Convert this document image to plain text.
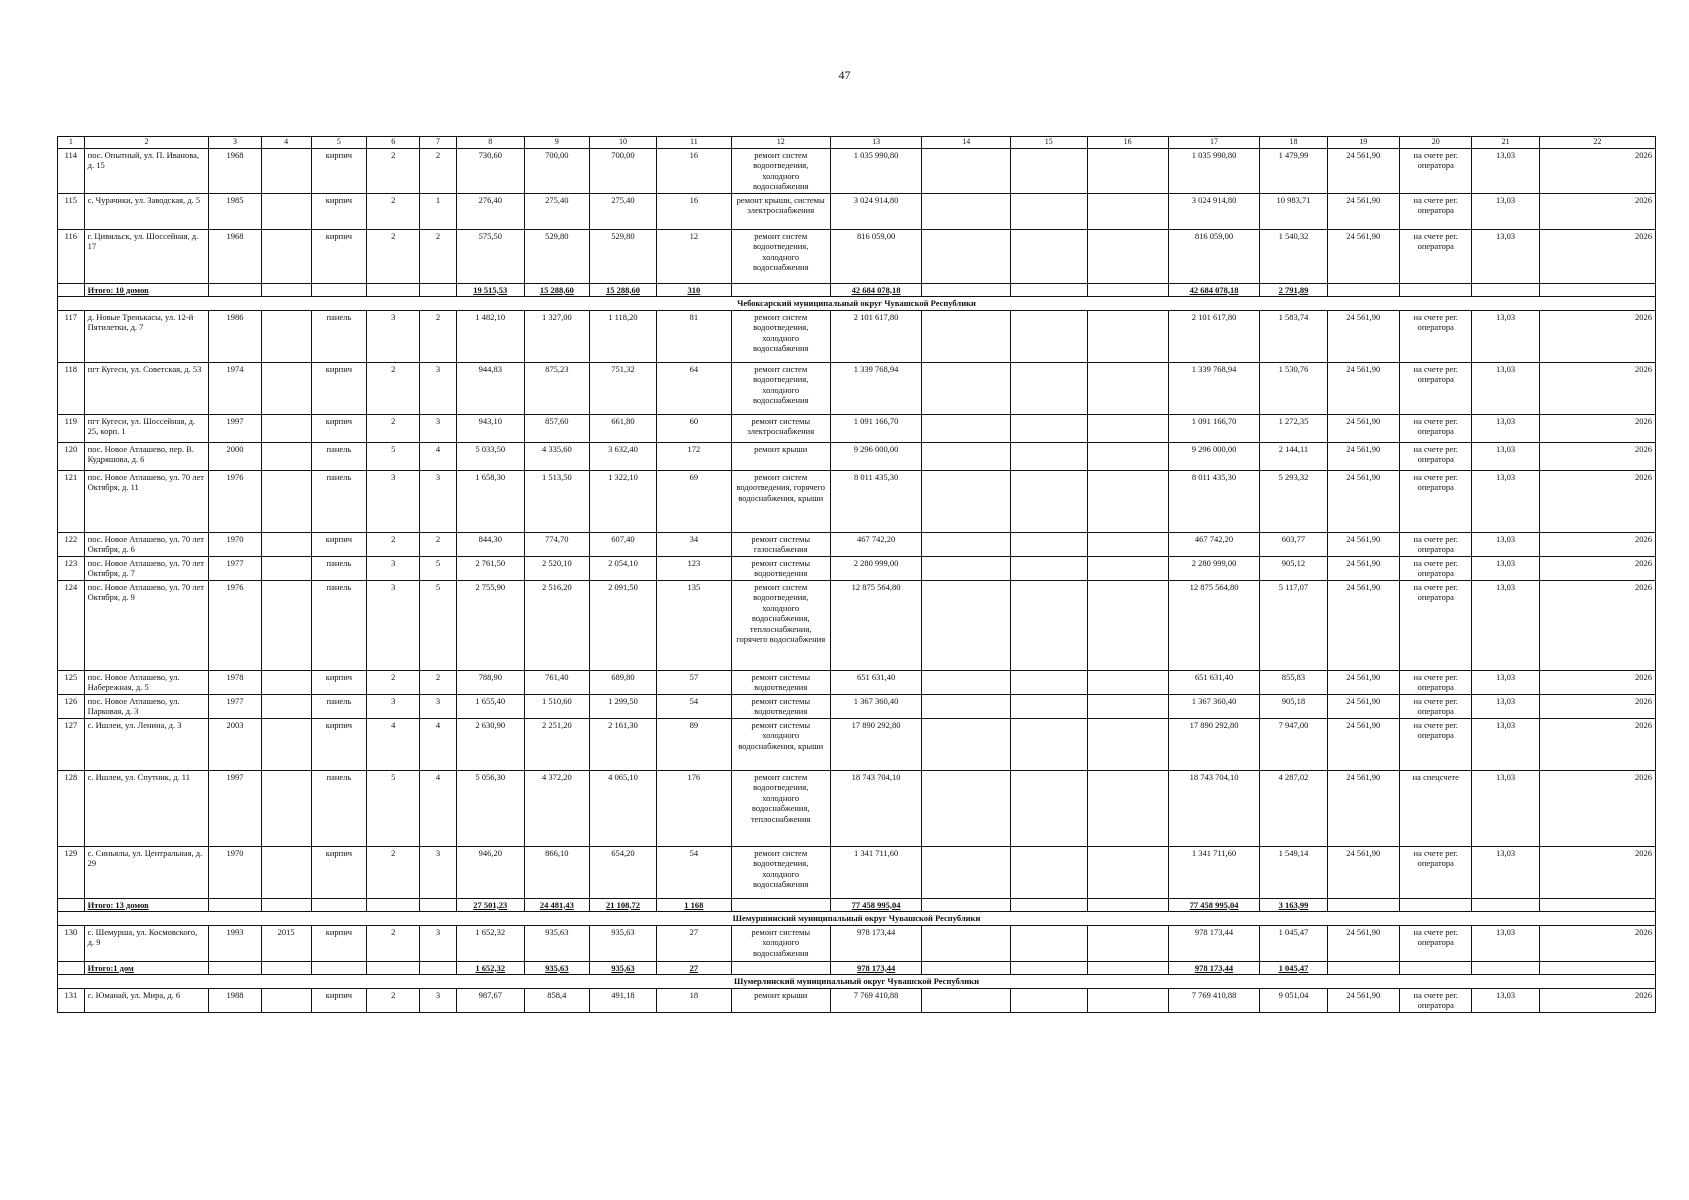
47
1	2	3	4	5	6	7	8	9	10	11	12	13	14	15	16	17	18	19	20	21	22
114	пос. Опытный, ул. П. Иванова, д. 15	1968		кирпич	2	2	730,60	700,00	700,00	16	ремонт систем водоотведения, холодного водоснабжения	1 035 990,80				1 035 990,80	1 479,99	24 561,90	на счете рег. оператора	13,03	2026
115	с. Чурачики, ул. Заводская, д. 5	1985		кирпич	2	1	276,40	275,40	275,40	16	ремонт крыши, системы электроснабжения	3 024 914,80				3 024 914,80	10 983,71	24 561,90	на счете рег. оператора	13,03	2026
116	г. Цивильск, ул. Шоссейная, д. 17	1968		кирпич	2	2	575,50	529,80	529,80	12	ремонт систем водоотведения, холодного водоснабжения	816 059,00				816 059,00	1 540,32	24 561,90	на счете рег. оператора	13,03	2026
	Итого: 10 домов						19 515,53	15 288,60	15 288,60	310		42 684 078,18				42 684 078,18	2 791,89				
Чебоксарский муниципальный округ Чувашской Республики																					
117	д. Новые Тренькасы, ул. 12-й Пятилетки, д. 7	1986		панель	3	2	1 482,10	1 327,00	1 118,20	81	ремонт систем водоотведения, холодного водоснабжения	2 101 617,80				2 101 617,80	1 583,74	24 561,90	на счете рег. оператора	13,03	2026
118	пгт Кугеси, ул. Советская, д. 53	1974		кирпич	2	3	944,83	875,23	751,32	64	ремонт систем водоотведения, холодного водоснабжения	1 339 768,94				1 339 768,94	1 530,76	24 561,90	на счете рег. оператора	13,03	2026
119	пгт Кугеси, ул. Шоссейная, д. 25, корп. 1	1997		кирпич	2	3	943,10	857,60	661,80	60	ремонт системы электроснабжения	1 091 166,70				1 091 166,70	1 272,35	24 561,90	на счете рег. оператора	13,03	2026
120	пос. Новое Атлашево, пер. В. Кудряшова, д. 6	2000		панель	5	4	5 033,50	4 335,60	3 632,40	172	ремонт крыши	9 296 000,00				9 296 000,00	2 144,11	24 561,90	на счете рег. оператора	13,03	2026
121	пос. Новое Атлашево, ул. 70 лет Октября, д. 11	1976		панель	3	3	1 658,30	1 513,50	1 322,10	69	ремонт систем водоотведения, горячего водоснабжения, крыши	8 011 435,30				8 011 435,30	5 293,32	24 561,90	на счете рег. оператора	13,03	2026
122	пос. Новое Атлашево, ул. 70 лет Октября, д. 6	1970		кирпич	2	2	844,30	774,70	607,40	34	ремонт системы газоснабжения	467 742,20				467 742,20	603,77	24 561,90	на счете рег. оператора	13,03	2026
123	пос. Новое Атлашево, ул. 70 лет Октября, д. 7	1977		панель	3	5	2 761,50	2 520,10	2 054,10	123	ремонт системы водоотведения	2 280 999,00				2 280 999,00	905,12	24 561,90	на счете рег. оператора	13,03	2026
124	пос. Новое Атлашево, ул. 70 лет Октября, д. 9	1976		панель	3	5	2 755,90	2 516,20	2 091,50	135	ремонт систем водоотведения, холодного водоснабжения, теплоснабжения, горячего водоснабжения	12 875 564,80				12 875 564,80	5 117,07	24 561,90	на счете рег. оператора	13,03	2026
125	пос. Новое Атлашево, ул. Набережная, д. 5	1978		кирпич	2	2	788,90	761,40	689,80	57	ремонт системы водоотведения	651 631,40				651 631,40	855,83	24 561,90	на счете рег. оператора	13,03	2026
126	пос. Новое Атлашево, ул. Парковая, д. 3	1977		панель	3	3	1 655,40	1 510,60	1 299,50	54	ремонт системы водоотведения	1 367 360,40				1 367 360,40	905,18	24 561,90	на счете рег. оператора	13,03	2026
127	с. Ишлеи, ул. Ленина, д. 3	2003		кирпич	4	4	2 630,90	2 251,20	2 161,30	89	ремонт системы холодного водоснабжения, крыши	17 890 292,80				17 890 292,80	7 947,00	24 561,90	на счете рег. оператора	13,03	2026
128	с. Ишлеи, ул. Спутник, д. 11	1997		панель	5	4	5 056,30	4 372,20	4 065,10	176	ремонт систем водоотведения, холодного водоснабжения, теплоснабжения	18 743 704,10				18 743 704,10	4 287,02	24 561,90	на спецсчете	13,03	2026
129	с. Синьялы, ул. Центральная, д. 29	1970		кирпич	2	3	946,20	866,10	654,20	54	ремонт систем водоотведения, холодного водоснабжения	1 341 711,60				1 341 711,60	1 549,14	24 561,90	на счете рег. оператора	13,03	2026
	Итого: 13 домов						27 501,23	24 481,43	21 108,72	1 168		77 458 995,04				77 458 995,04	3 163,99				
Шемуршинский муниципальный округ Чувашской Республики																					
130	с. Шемурша, ул. Космовского, д. 9	1993	2015	кирпич	2	3	1 652,32	935,63	935,63	27	ремонт системы холодного водоснабжения	978 173,44				978 173,44	1 045,47	24 561,90	на счете рег. оператора	13,03	2026
	Итого:1 дом						1 652,32	935,63	935,63	27		978 173,44				978 173,44	1 045,47				
Шумерлинский муниципальный округ Чувашской Республики																					
131	с. Юманай, ул. Мира, д. 6	1988		кирпич	2	3	987,67	858,4	491,18	18	ремонт крыши	7 769 410,88				7 769 410,88	9 051,04	24 561,90	на счете рег. оператора	13,03	2026
